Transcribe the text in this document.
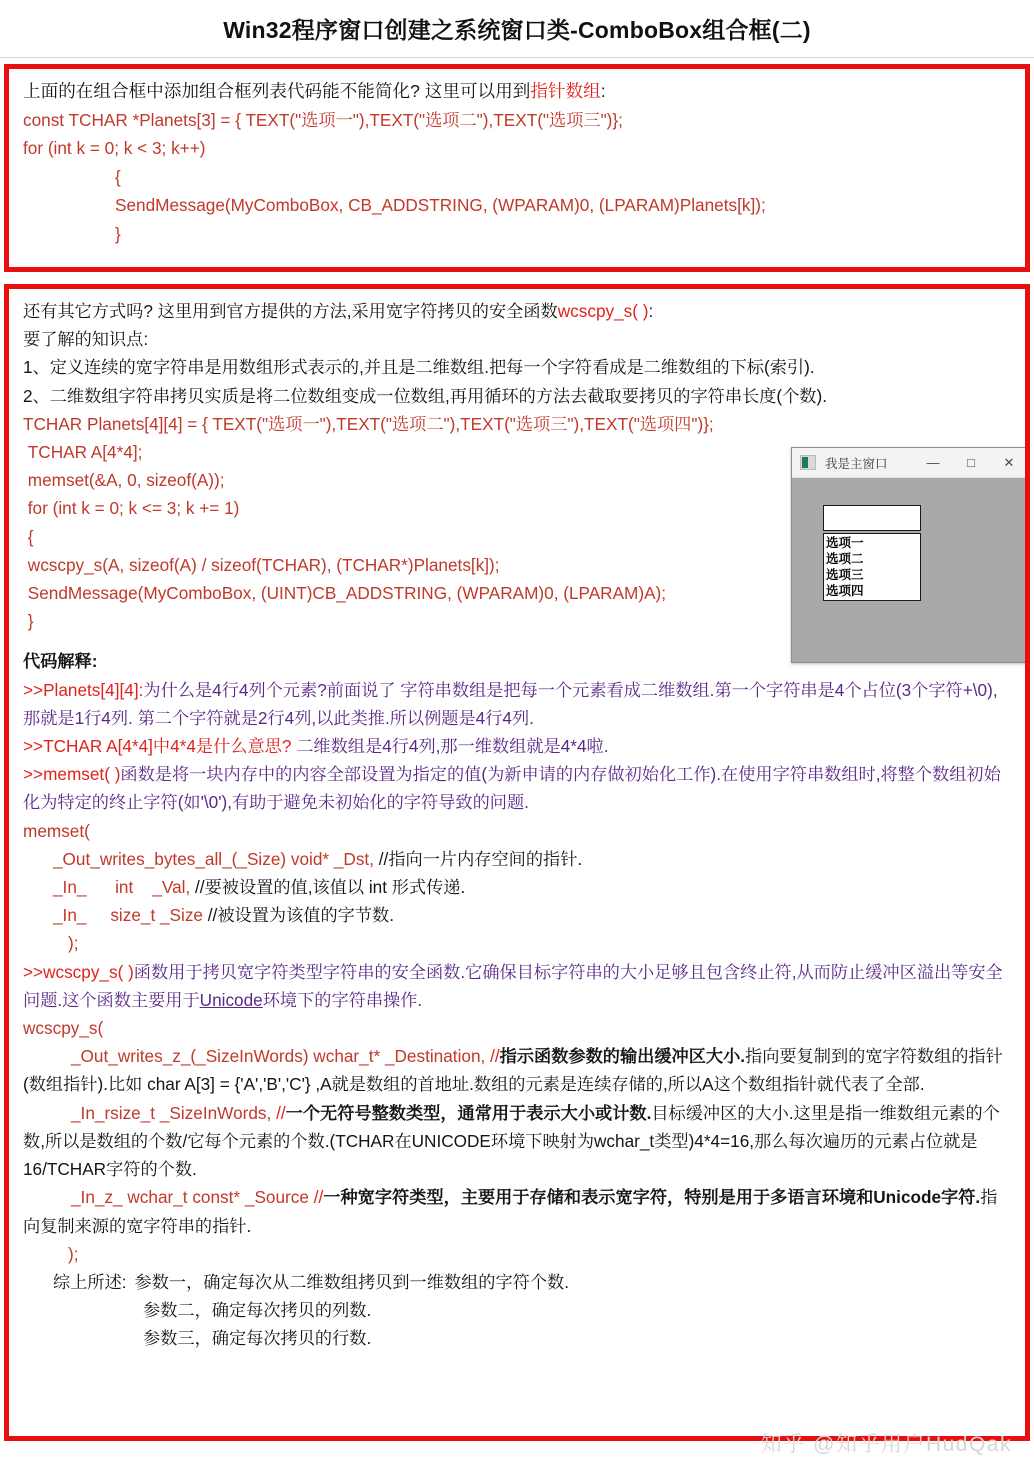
Win32程序窗口创建之系统窗口类-ComboBox组合框(二)
上面的在组合框中添加组合框列表代码能不能简化? 这里可以用到指针数组:
const TCHAR *Planets[3] = { TEXT("选项一"),TEXT("选项二"),TEXT("选项三")};
for (int k = 0; k < 3; k++)
{
SendMessage(MyComboBox, CB_ADDSTRING, (WPARAM)0, (LPARAM)Planets[k]);
}
还有其它方式吗? 这里用到官方提供的方法,采用宽字符拷贝的安全函数wcscpy_s( ):
要了解的知识点:
1、定义连续的宽字符串是用数组形式表示的,并且是二维数组.把每一个字符看成是二维数组的下标(索引).
2、二维数组字符串拷贝实质是将二位数组变成一位数组,再用循环的方法去截取要拷贝的字符串长度(个数).
TCHAR Planets[4][4] = { TEXT("选项一"),TEXT("选项二"),TEXT("选项三"),TEXT("选项四")};
TCHAR A[4*4];
memset(&A, 0, sizeof(A));
for (int k = 0; k <= 3; k += 1)
{
wcscpy_s(A, sizeof(A) / sizeof(TCHAR), (TCHAR*)Planets[k]);
SendMessage(MyComboBox, (UINT)CB_ADDSTRING, (WPARAM)0, (LPARAM)A);
}
代码解释:
>>Planets[4][4]:为什么是4行4列个元素?前面说了 字符串数组是把每一个元素看成二维数组.第一个字符串是4个占位(3个字符+\0),那就是1行4列. 第二个字符就是2行4列,以此类推.所以例题是4行4列.
>>TCHAR A[4*4]中4*4是什么意思? 二维数组是4行4列,那一维数组就是4*4啦.
>>memset( )函数是将一块内存中的内容全部设置为指定的值(为新申请的内存做初始化工作).在使用字符串数组时,将整个数组初始化为特定的终止字符(如'\0'),有助于避免未初始化的字符导致的问题.
memset(
_Out_writes_bytes_all_(_Size) void* _Dst, //指向一片内存空间的指针.
_In_      int    _Val, //要被设置的值,该值以 int 形式传递.
_In_     size_t _Size //被设置为该值的字节数.
);
>>wcscpy_s( )函数用于拷贝宽字符类型字符串的安全函数.它确保目标字符串的大小足够且包含终止符,从而防止缓冲区溢出等安全问题.这个函数主要用于Unicode环境下的字符串操作.
wcscpy_s(
_Out_writes_z_(_SizeInWords) wchar_t* _Destination, //指示函数参数的输出缓冲区大小.指向要复制到的宽字符数组的指针(数组指针).比如 char A[3] = {'A','B','C'} ,A就是数组的首地址.数组的元素是连续存储的,所以A这个数组指针就代表了全部.
_In_rsize_t _SizeInWords, //一个无符号整数类型，通常用于表示大小或计数.目标缓冲区的大小.这里是指一维数组元素的个数,所以是数组的个数/它每个元素的个数.(TCHAR在UNICODE环境下映射为wchar_t类型)4*4=16,那么每次遍历的元素占位就是 16/TCHAR字符的个数.
_In_z_ wchar_t const* _Source //一种宽字符类型，主要用于存储和表示宽字符，特别是用于多语言环境和Unicode字符.指向复制来源的宽字符串的指针.
);
综上所述: 参数一，确定每次从二维数组拷贝到一维数组的字符个数.
参数二，确定每次拷贝的列数.
参数三，确定每次拷贝的行数.
我是主窗口	—	□	✕
选项一
选项二
选项三
选项四
知乎 @知乎用户HudQak
